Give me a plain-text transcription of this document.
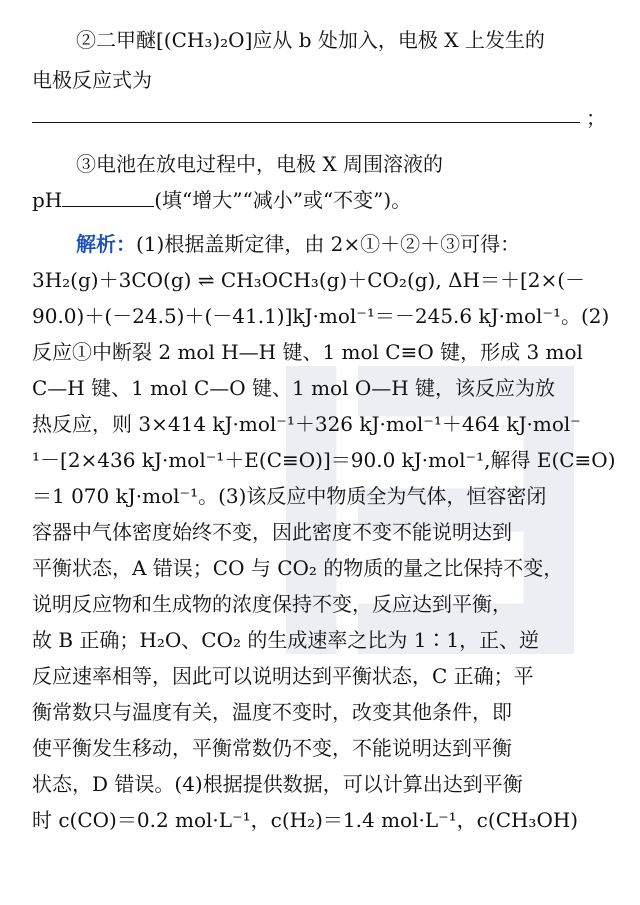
②二甲醚[(CH₃)₂O]应从 b 处加入，电极 X 上发生的
电极反应式为
；
③电池在放电过程中，电极 X 周围溶液的
pH	(填“增大”“减小”或“不变”)。
解析：(1)根据盖斯定律，由 2×①＋②＋③可得：
3H₂(g)＋3CO(g) ⇌ CH₃OCH₃(g)＋CO₂(g), ΔH＝＋[2×(－
90.0)＋(－24.5)＋(－41.1)]kJ·mol⁻¹＝－245.6 kJ·mol⁻¹。(2)
反应①中断裂 2 mol H—H 键、1 mol C≡O 键，形成 3 mol
C—H 键、1 mol C—O 键、1 mol O—H 键，该反应为放
热反应，则 3×414 kJ·mol⁻¹＋326 kJ·mol⁻¹＋464 kJ·mol⁻
¹－[2×436 kJ·mol⁻¹＋E(C≡O)]＝90.0 kJ·mol⁻¹,解得 E(C≡O)
＝1 070 kJ·mol⁻¹。(3)该反应中物质全为气体，恒容密闭
容器中气体密度始终不变，因此密度不变不能说明达到
平衡状态，A 错误；CO 与 CO₂ 的物质的量之比保持不变，
说明反应物和生成物的浓度保持不变，反应达到平衡，
故 B 正确；H₂O、CO₂ 的生成速率之比为 1∶1，正、逆
反应速率相等，因此可以说明达到平衡状态，C 正确；平
衡常数只与温度有关，温度不变时，改变其他条件，即
使平衡发生移动，平衡常数仍不变，不能说明达到平衡
状态，D 错误。(4)根据提供数据，可以计算出达到平衡
时 c(CO)＝0.2 mol·L⁻¹，c(H₂)＝1.4 mol·L⁻¹，c(CH₃OH)
